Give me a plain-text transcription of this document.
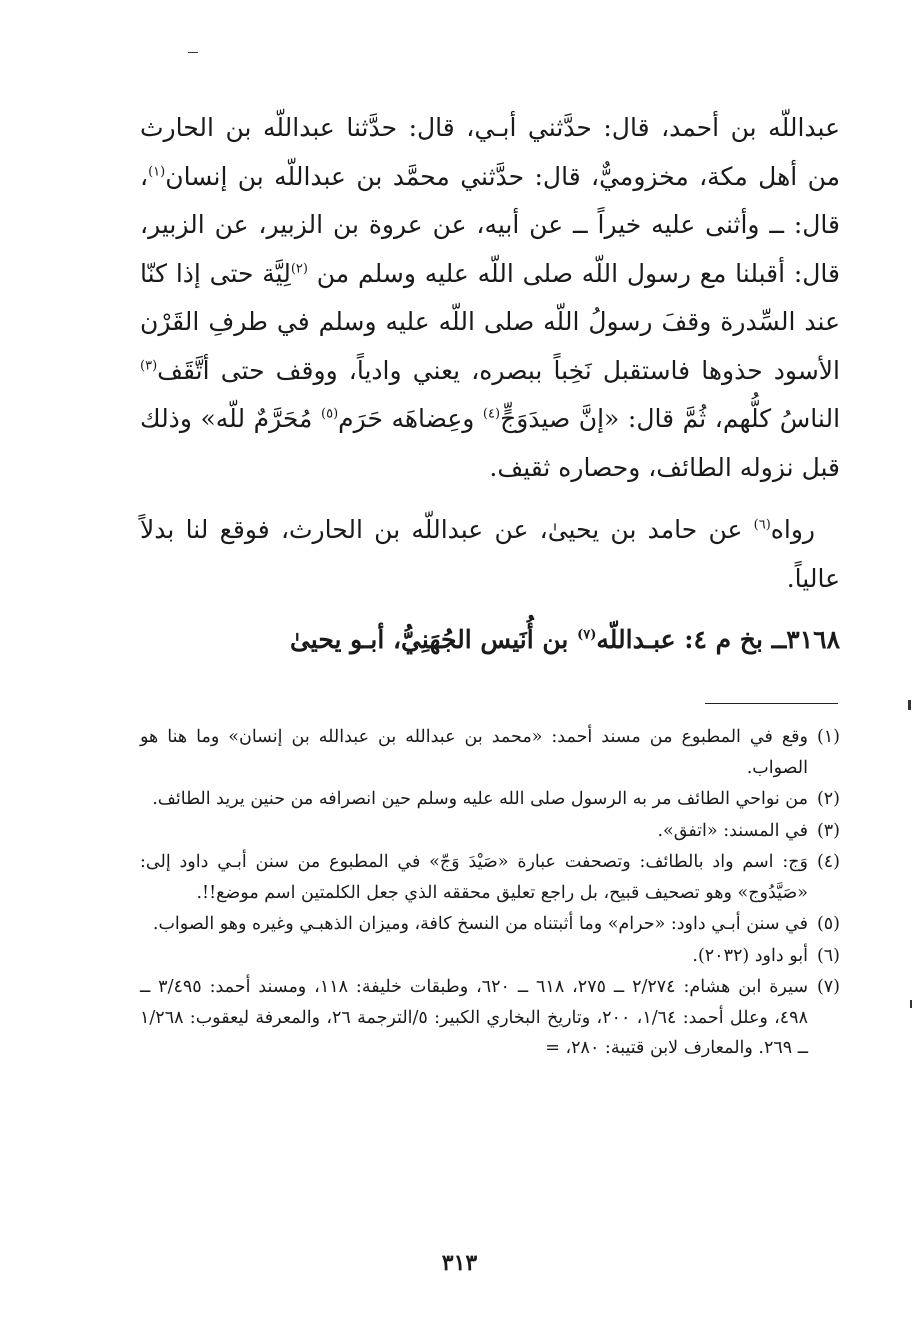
عبداللّه بن أحمد، قال: حدَّثني أبـي، قال: حدَّثنا عبداللّه بن الحارث من أهل مكة، مخزوميٌّ، قال: حدَّثني محمَّد بن عبداللّه بن إنسان$^{(١)}$، قال: ــ وأثنى عليه خيراً ــ عن أبيه، عن عروة بن الزبير، عن الزبير، قال: أقبلنا مع رسول اللّه صلى اللّه عليه وسلم من $^{(٢)}$لِيَّة حتى إذا كنّا عند السِّدرة وقفَ رسولُ اللّه صلى اللّه عليه وسلم في طرفِ القَرْن الأسود حذوها فاستقبل نَخِباً ببصره، يعني وادياً، ووقف حتى أتَّقَف$^{(٣)}$ الناسُ كلُّهم، ثُمَّ قال: «إنَّ صيدَوَجٍّ$^{(٤)}$ وعِضاهَه حَرَم$^{(٥)}$ مُحَرَّمٌ للّه» وذلك قبل نزوله الطائف، وحصاره ثقيف.

 رواه$^{(٦)}$ عن حامد بن يحيىٰ، عن عبداللّه بن الحارث، فوقع لنا بدلاً عالياً.

٣١٦٨ــ بخ م ٤: عبـداللّه$^{(٧)}$ بن أُنَيس الجُهَنِيُّ، أبـو يحيىٰ
(١)
وقع في المطبوع من مسند أحمد: «محمد بن عبدالله بن عبدالله بن إنسان» وما هنا هو الصواب.
(٢)
من نواحي الطائف مر به الرسول صلى الله عليه وسلم حين انصرافه من حنين يريد الطائف.
(٣)
في المسند: «اتفق».
(٤)
وَج: اسم واد بالطائف: وتصحفت عبارة «صَيْدَ وَجّ» في المطبوع من سنن أبـي داود إلى: «صَيَّدُوج» وهو تصحيف قبيح، بل راجع تعليق محققه الذي جعل الكلمتين اسم موضع!!.
(٥)
في سنن أبـي داود: «حرام» وما أثبتناه من النسخ كافة، وميزان الذهبـي وغيره وهو الصواب.
(٦)
أبو داود (٢٠٣٢).
(٧)
سيرة ابن هشام: ٢/٢٧٤ ــ ٢٧٥، ٦١٨ ــ ٦٢٠، وطبقات خليفة: ١١٨، ومسند أحمد: ٣/٤٩٥ ــ ٤٩٨، وعلل أحمد: ١/٦٤، ٢٠٠، وتاريخ البخاري الكبير: ٥/الترجمة ٢٦، والمعرفة ليعقوب: ١/٢٦٨ ــ ٢٦٩. والمعارف لابن قتيبة: ٢٨٠، =
٣١٣
